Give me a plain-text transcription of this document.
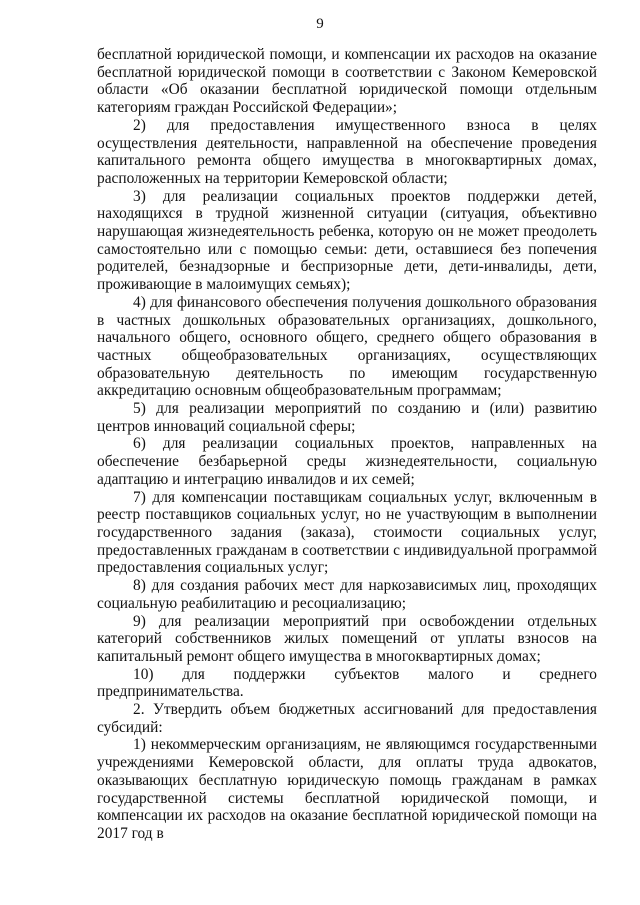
9

бесплатной юридической помощи, и компенсации их расходов на оказание бесплатной юридической помощи в соответствии с Законом Кемеровской области «Об оказании бесплатной юридической помощи отдельным категориям граждан Российской Федерации»;

2) для предоставления имущественного взноса в целях осуществления деятельности, направленной на обеспечение проведения капитального ремонта общего имущества в многоквартирных домах, расположенных на территории Кемеровской области;

3) для реализации социальных проектов поддержки детей, находящихся в трудной жизненной ситуации (ситуация, объективно нарушающая жизнедеятельность ребенка, которую он не может преодолеть самостоятельно или с помощью семьи: дети, оставшиеся без попечения родителей, безнадзорные и беспризорные дети, дети-инвалиды, дети, проживающие в малоимущих семьях);

4) для финансового обеспечения получения дошкольного образования в частных дошкольных образовательных организациях, дошкольного, начального общего, основного общего, среднего общего образования в частных общеобразовательных организациях, осуществляющих образовательную деятельность по имеющим государственную аккредитацию основным общеобразовательным программам;

5) для реализации мероприятий по созданию и (или) развитию центров инноваций социальной сферы;

6) для реализации социальных проектов, направленных на обеспечение безбарьерной среды жизнедеятельности, социальную адаптацию и интеграцию инвалидов и их семей;

7) для компенсации поставщикам социальных услуг, включенным в реестр поставщиков социальных услуг, но не участвующим в выполнении государственного задания (заказа), стоимости социальных услуг, предоставленных гражданам в соответствии с индивидуальной программой предоставления социальных услуг;

8) для создания рабочих мест для наркозависимых лиц, проходящих социальную реабилитацию и ресоциализацию;

9) для реализации мероприятий при освобождении отдельных категорий собственников жилых помещений от уплаты взносов на капитальный ремонт общего имущества в многоквартирных домах;

10) для поддержки субъектов малого и среднего предпринимательства.

2. Утвердить объем бюджетных ассигнований для предоставления субсидий:

1) некоммерческим организациям, не являющимся государственными учреждениями Кемеровской области, для оплаты труда адвокатов, оказывающих бесплатную юридическую помощь гражданам в рамках государственной системы бесплатной юридической помощи, и компенсации их расходов на оказание бесплатной юридической помощи на 2017 год в
